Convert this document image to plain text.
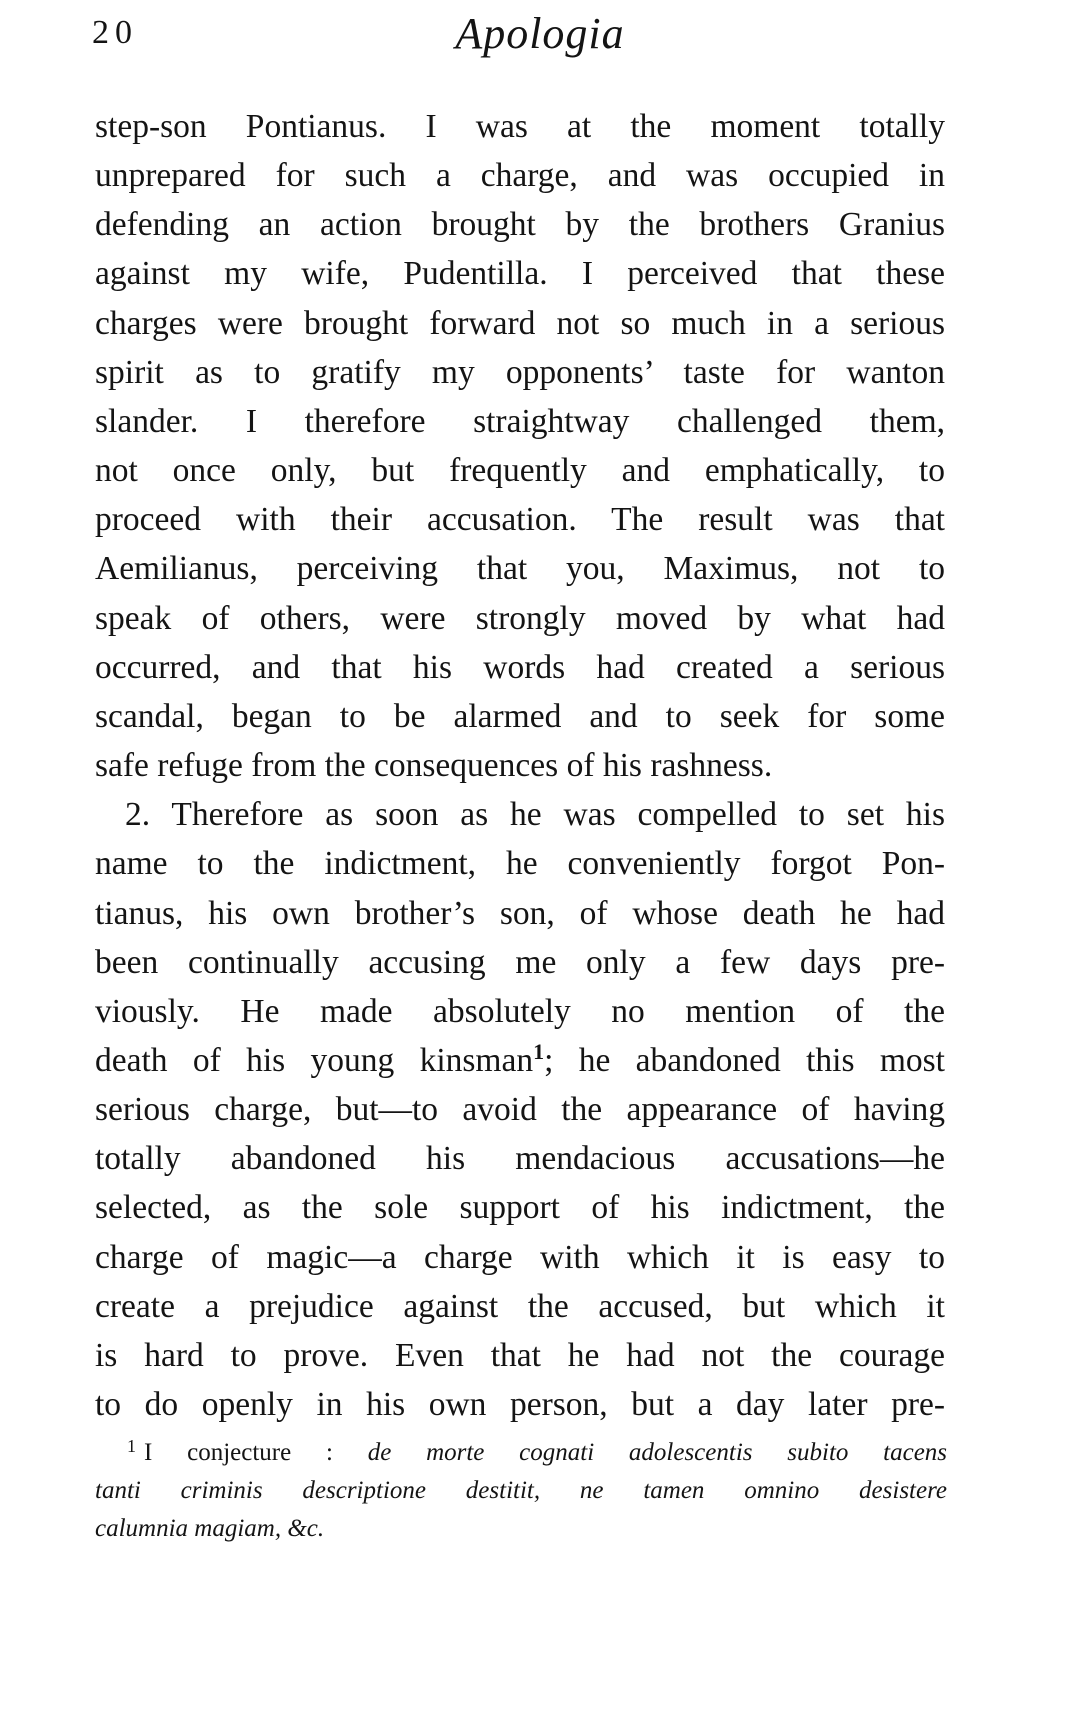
20	Apologia
step-son Pontianus. I was at the moment totally
unprepared for such a charge, and was occupied in
defending an action brought by the brothers Granius
against my wife, Pudentilla. I perceived that these
charges were brought forward not so much in a serious
spirit as to gratify my opponents’ taste for wanton
slander. I therefore straightway challenged them,
not once only, but frequently and emphatically, to
proceed with their accusation. The result was that
Aemilianus, perceiving that you, Maximus, not to
speak of others, were strongly moved by what had
occurred, and that his words had created a serious
scandal, began to be alarmed and to seek for some
safe refuge from the consequences of his rashness.
2. Therefore as soon as he was compelled to set his
name to the indictment, he conveniently forgot Pon-
tianus, his own brother’s son, of whose death he had
been continually accusing me only a few days pre-
viously. He made absolutely no mention of the
death of his young kinsman$^1$; he abandoned this most
serious charge, but—to avoid the appearance of having
totally abandoned his mendacious accusations—he
selected, as the sole support of his indictment, the
charge of magic—a charge with which it is easy to
create a prejudice against the accused, but which it
is hard to prove. Even that he had not the courage
to do openly in his own person, but a day later pre-
$^1$ I conjecture : de morte cognati adolescentis subito tacens
tanti criminis descriptione destitit, ne tamen omnino desistere
calumnia magiam, &c.
